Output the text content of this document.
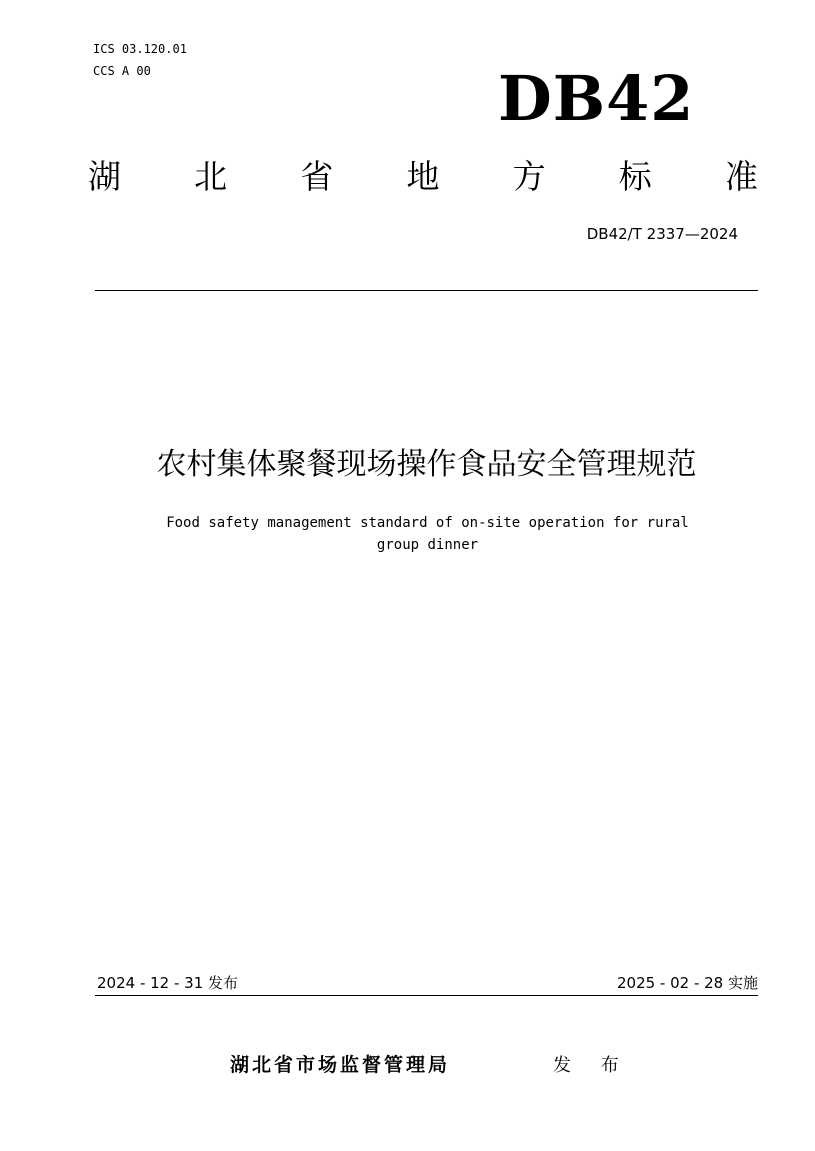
ICS 03.120.01
CCS A 00	DB42
湖 北 省 地 方 标 准
DB42/T 2337—2024
农村集体聚餐现场操作食品安全管理规范
Food safety management standard of on-site operation for rural
group dinner
2024 - 12 - 31 发布	2025 - 02 - 28 实施
湖北省市场监督管理局	发 布
